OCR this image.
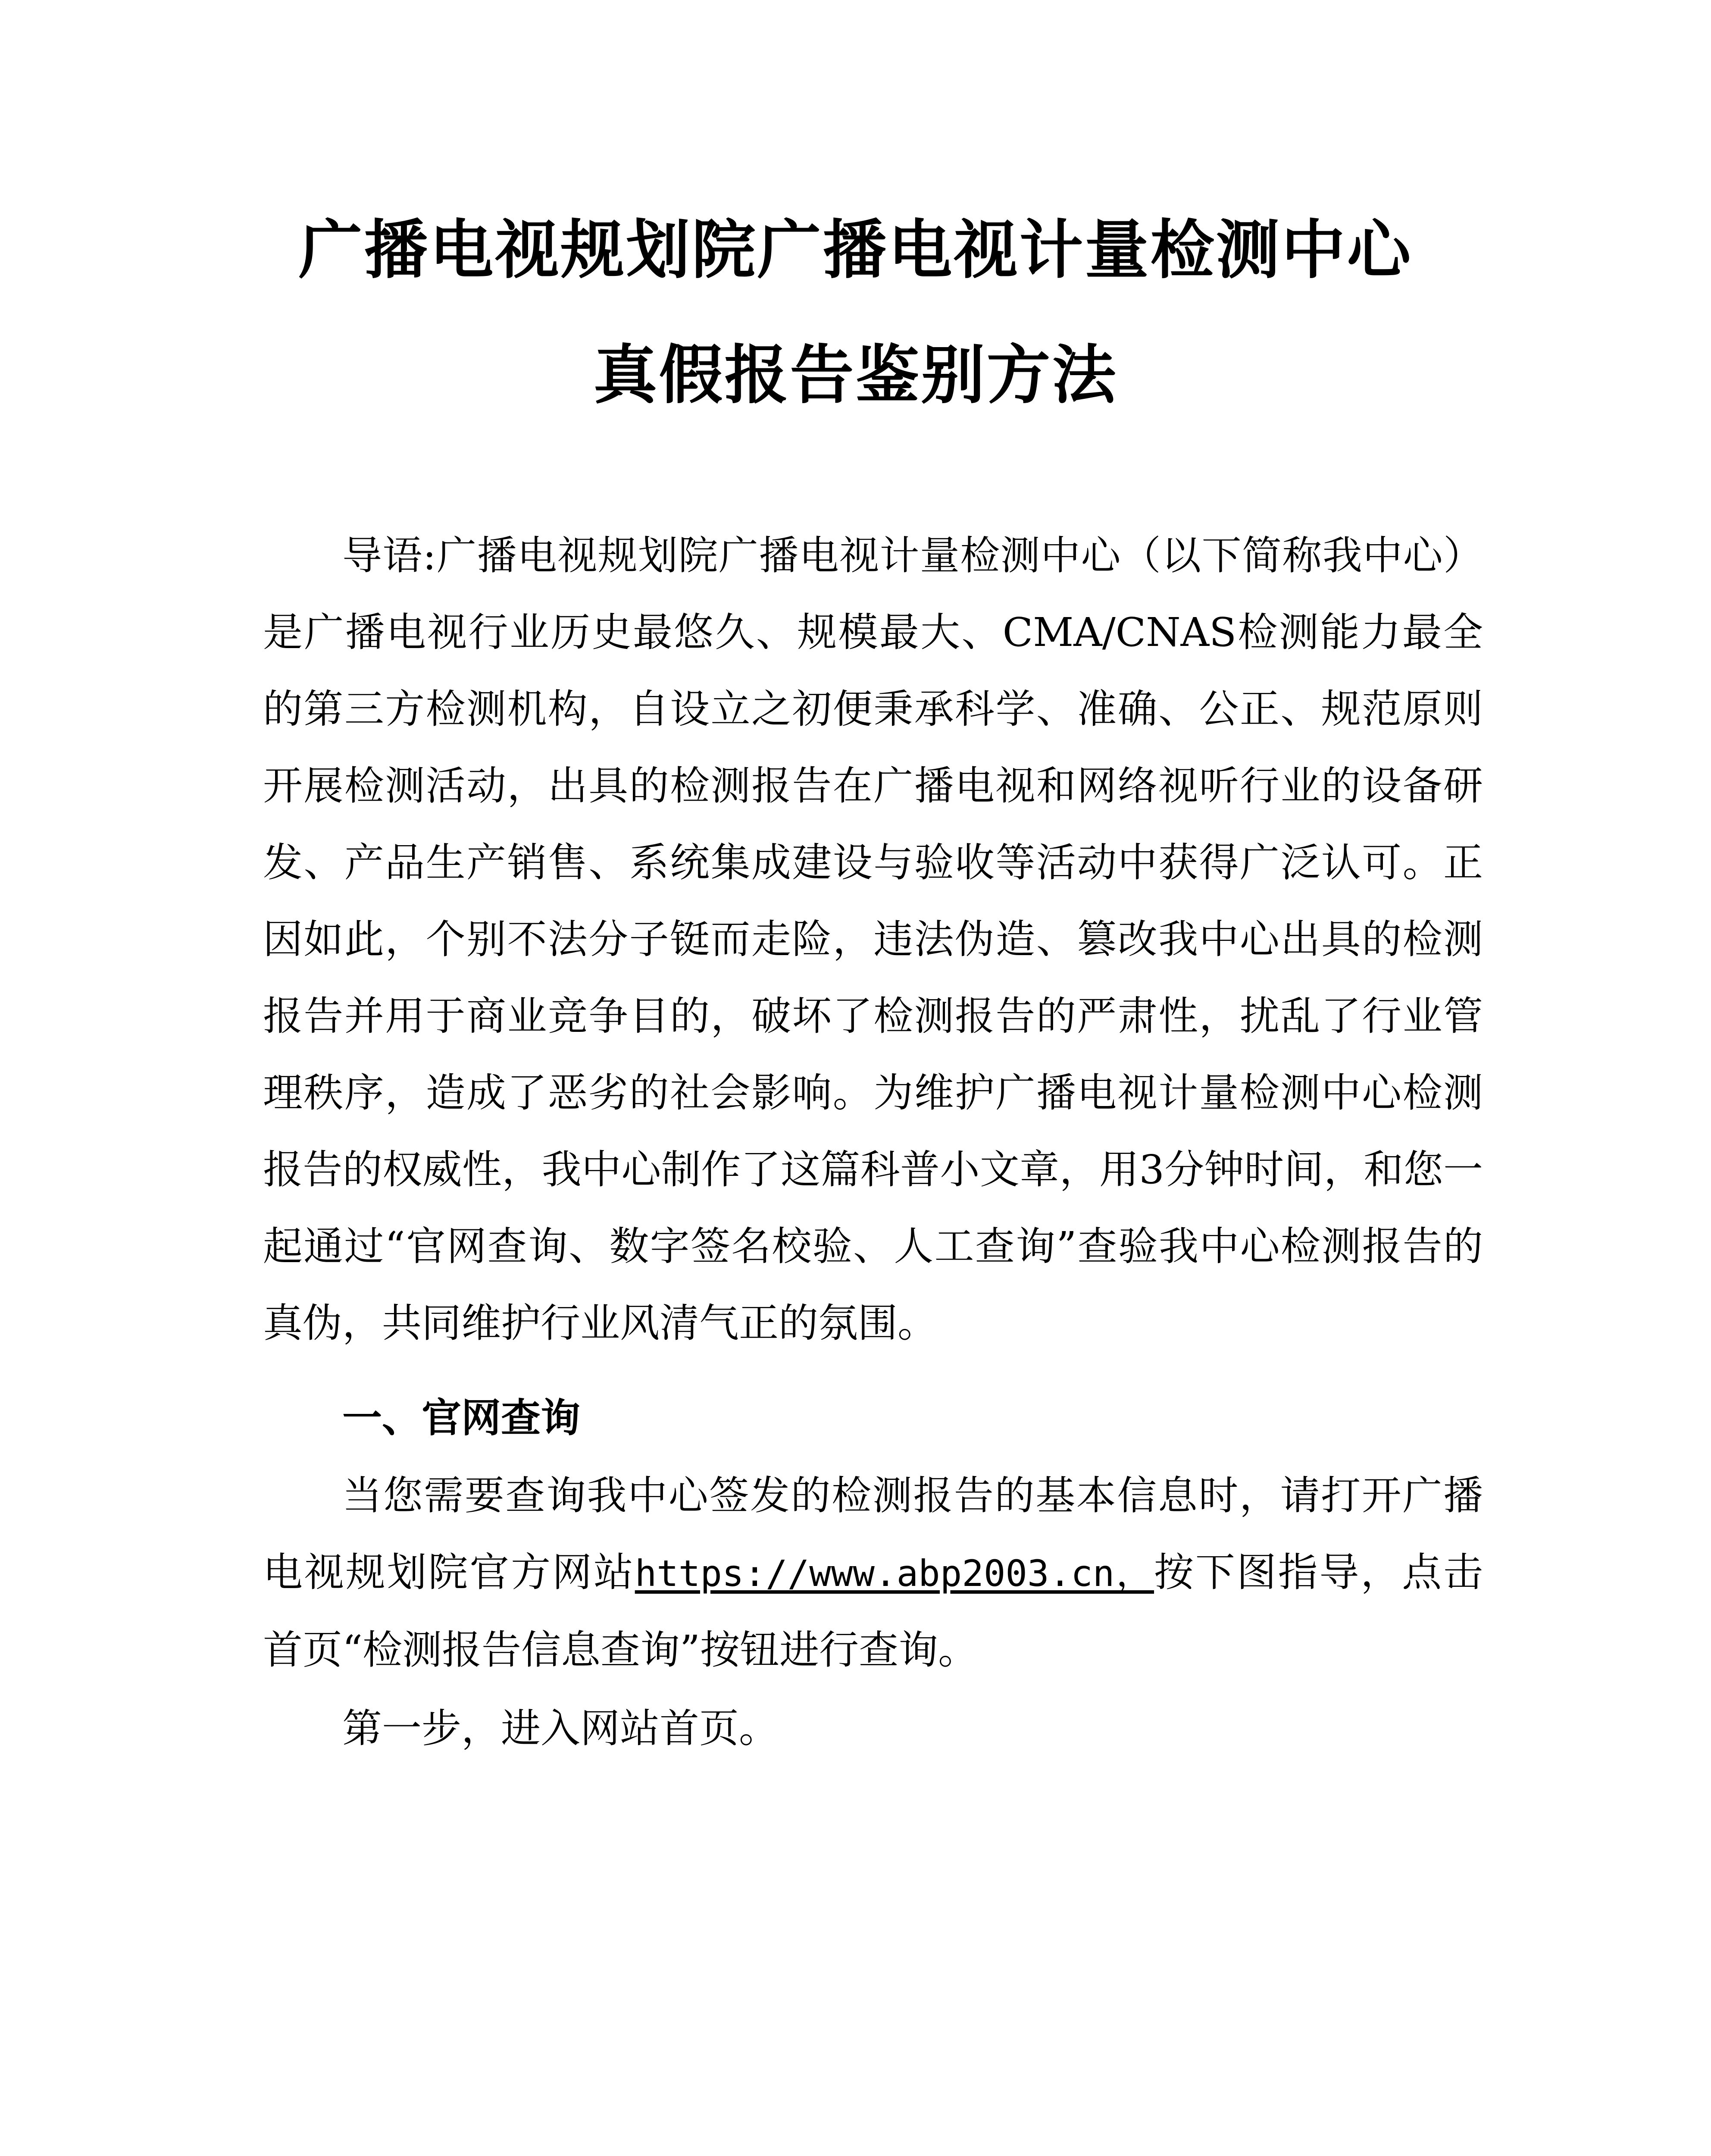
广播电视规划院广播电视计量检测中心
真假报告鉴别方法

导语:广播电视规划院广播电视计量检测中心（以下简称我中心）是广播电视行业历史最悠久、规模最大、CMA/CNAS检测能力最全的第三方检测机构，自设立之初便秉承科学、准确、公正、规范原则开展检测活动，出具的检测报告在广播电视和网络视听行业的设备研发、产品生产销售、系统集成建设与验收等活动中获得广泛认可。正因如此，个别不法分子铤而走险，违法伪造、篡改我中心出具的检测报告并用于商业竞争目的，破坏了检测报告的严肃性，扰乱了行业管理秩序，造成了恶劣的社会影响。为维护广播电视计量检测中心检测报告的权威性，我中心制作了这篇科普小文章，用3分钟时间，和您一起通过“官网查询、数字签名校验、人工查询”查验我中心检测报告的真伪，共同维护行业风清气正的氛围。

一、官网查询

当您需要查询我中心签发的检测报告的基本信息时，请打开广播电视规划院官方网站https://www.abp2003.cn，按下图指导，点击首页“检测报告信息查询”按钮进行查询。

第一步，进入网站首页。
